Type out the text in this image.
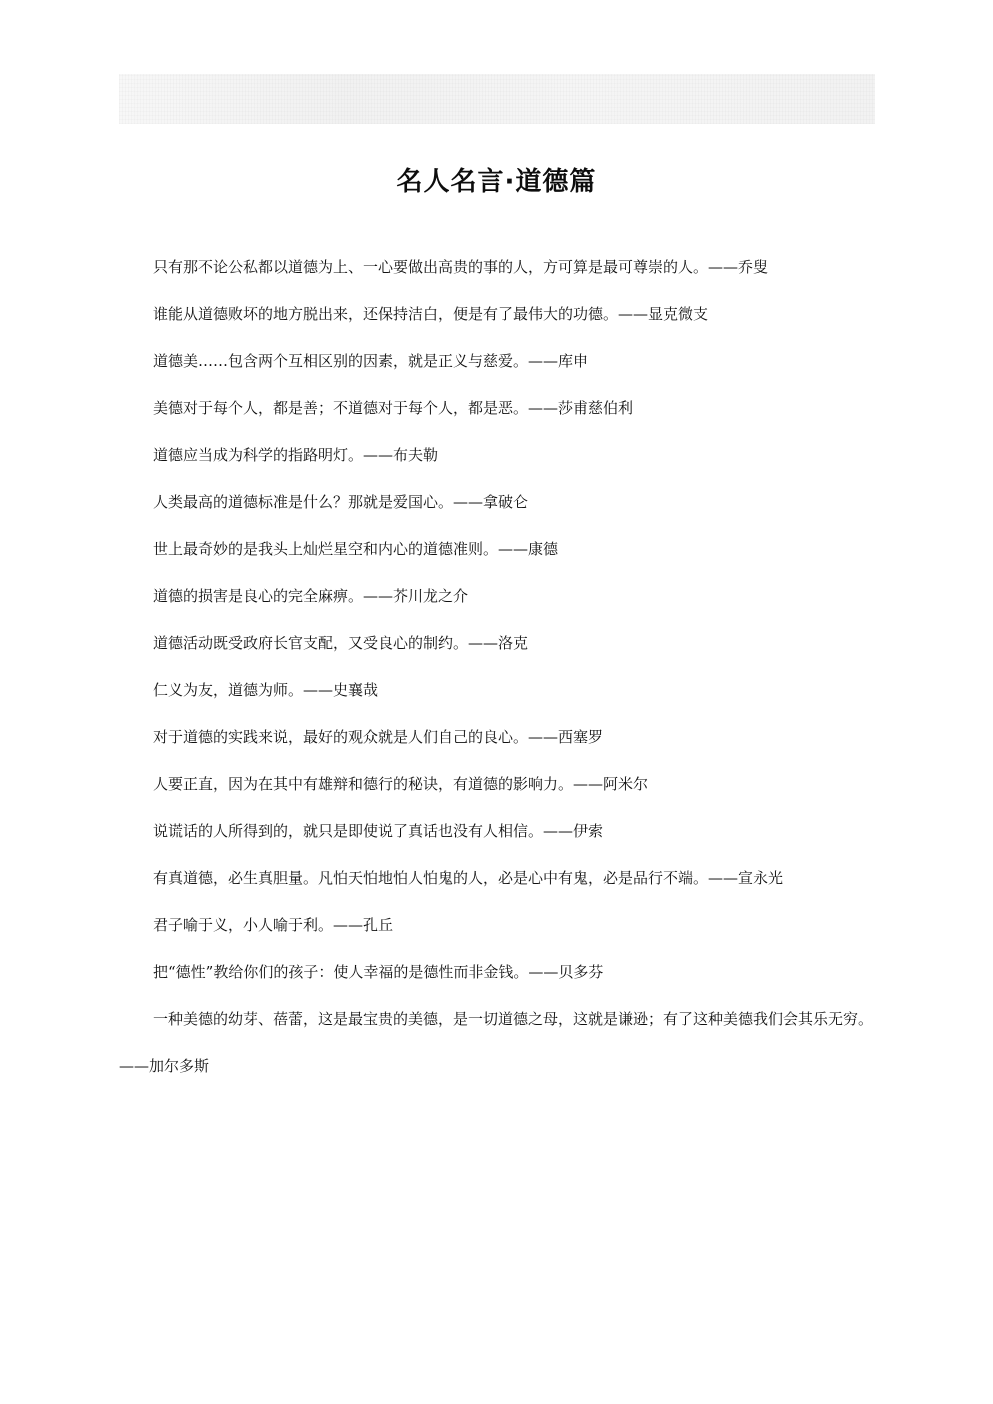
名人名言·道德篇

只有那不论公私都以道德为上、一心要做出高贵的事的人，方可算是最可尊崇的人。——乔叟

谁能从道德败坏的地方脱出来，还保持洁白，便是有了最伟大的功德。——显克微支

道德美……包含两个互相区别的因素，就是正义与慈爱。——库申

美德对于每个人，都是善；不道德对于每个人，都是恶。——莎甫慈伯利

道德应当成为科学的指路明灯。——布夫勒

人类最高的道德标准是什么？那就是爱国心。——拿破仑

世上最奇妙的是我头上灿烂星空和内心的道德准则。——康德

道德的损害是良心的完全麻痹。——芥川龙之介

道德活动既受政府长官支配，又受良心的制约。——洛克

仁义为友，道德为师。——史襄哉

对于道德的实践来说，最好的观众就是人们自己的良心。——西塞罗

人要正直，因为在其中有雄辩和德行的秘诀，有道德的影响力。——阿米尔

说谎话的人所得到的，就只是即使说了真话也没有人相信。——伊索

有真道德，必生真胆量。凡怕天怕地怕人怕鬼的人，必是心中有鬼，必是品行不端。——宣永光

君子喻于义，小人喻于利。——孔丘

把“德性”教给你们的孩子：使人幸福的是德性而非金钱。——贝多芬

一种美德的幼芽、蓓蕾，这是最宝贵的美德，是一切道德之母，这就是谦逊；有了这种美德我们会其乐无穷。——加尔多斯
